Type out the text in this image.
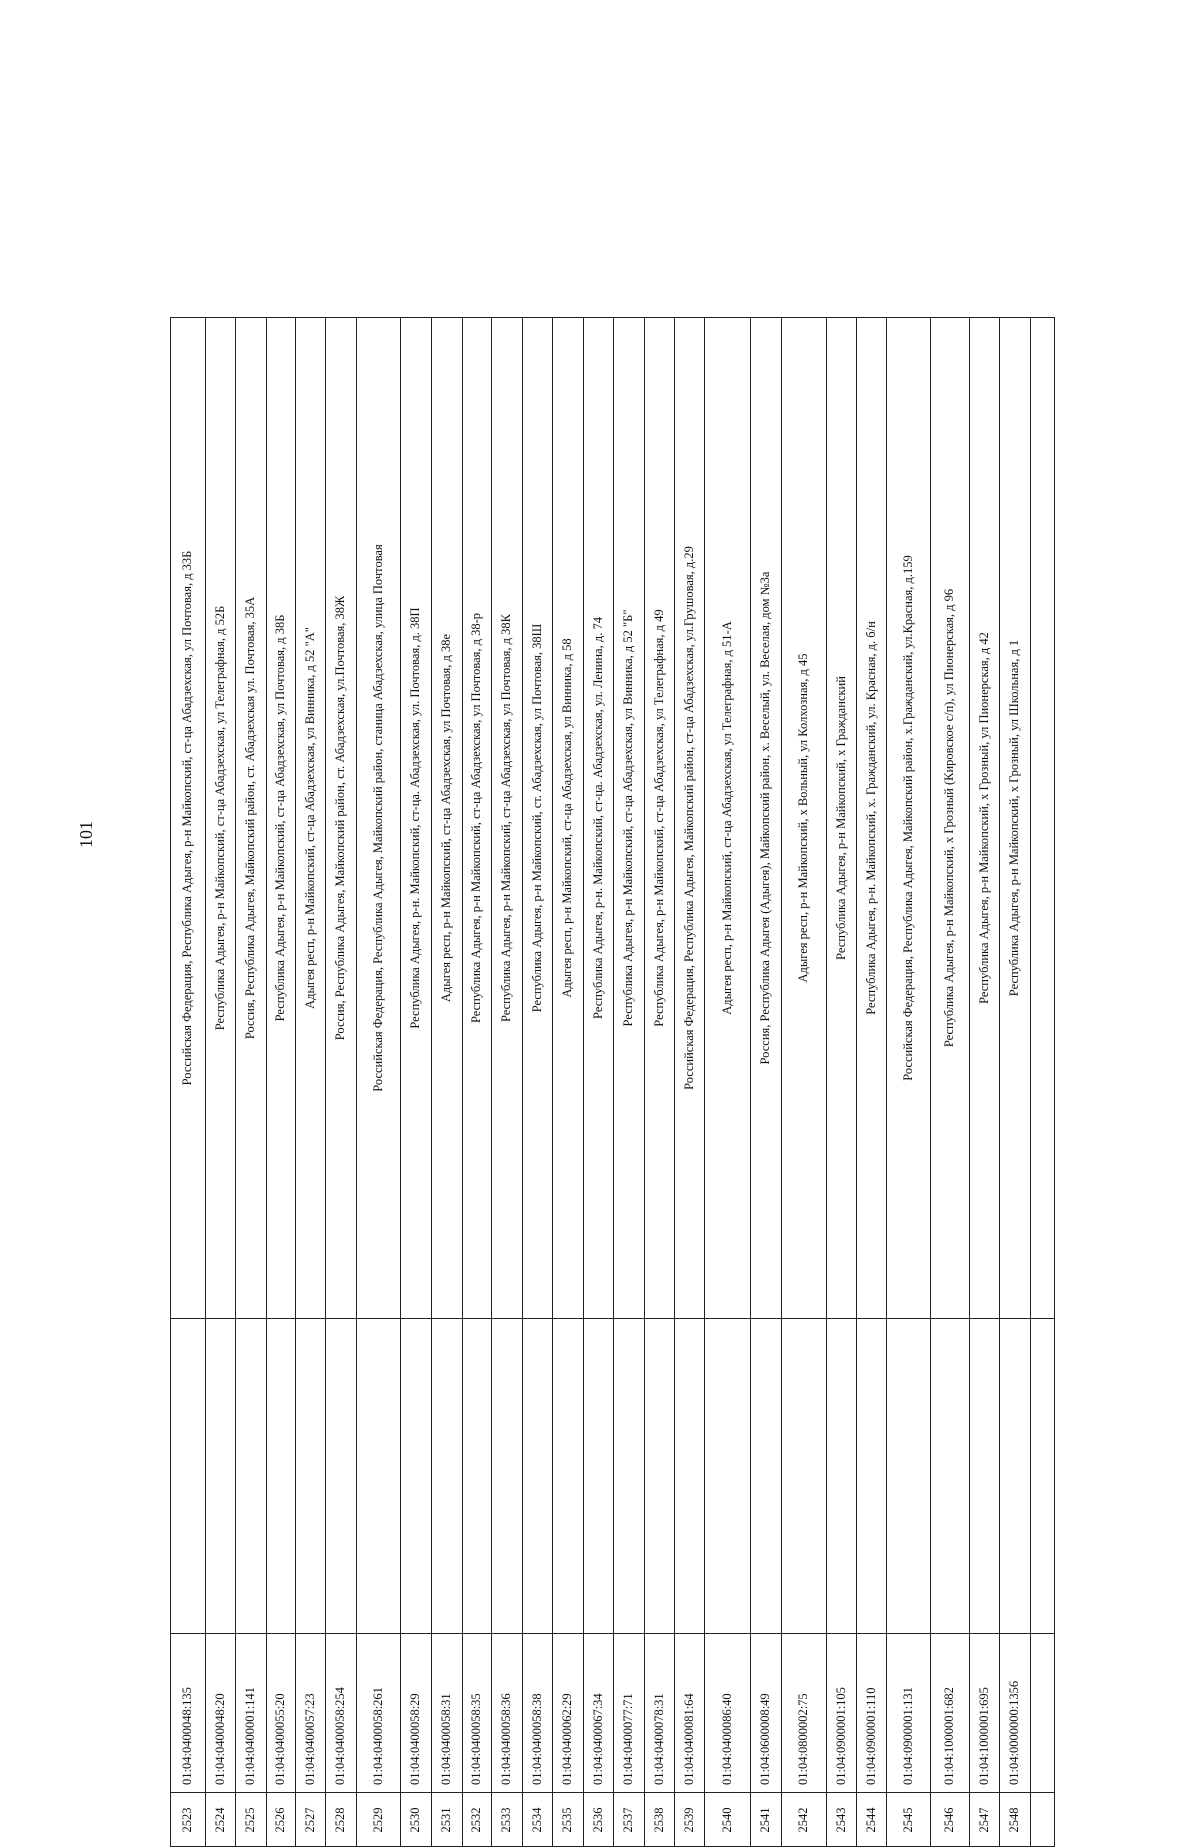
101
2523
01:04:0400048:135
Российская Федерация, Республика Адыгея, р-н Майкопский, ст-ца Абадзехская, ул Почтовая, д 33Б
2524
01:04:0400048:20
Республика Адыгея, р-н Майкопский, ст-ца Абадзехская, ул Телеграфная, д 52Б
2525
01:04:0400001:141
Россия, Республика Адыгея, Майкопский район, ст. Абадзехская ул. Почтовая, 35А
2526
01:04:0400055:20
Республика Адыгея, р-н Майкопский, ст-ца Абадзехская, ул Почтовая, д 38Б
2527
01:04:0400057:23
Адыгея респ, р-н Майкопский, ст-ца Абадзехская, ул Винника, д 52 "А"
2528
01:04:0400058:254
Россия, Республика Адыгея, Майкопский район, ст. Абадзехская, ул.Почтовая, 38Ж
2529
01:04:0400058:261
Российская Федерация, Республика Адыгея, Майкопский район, станица Абадзехская, улица Почтовая
2530
01:04:0400058:29
Республика Адыгея, р-н. Майкопский, ст-ца. Абадзехская, ул. Почтовая, д. 38П
2531
01:04:0400058:31
Адыгея респ, р-н Майкопский, ст-ца Абадзехская, ул Почтовая, д 38е
2532
01:04:0400058:35
Республика Адыгея, р-н Майкопский, ст-ца Абадзехская, ул Почтовая, д 38-р
2533
01:04:0400058:36
Республика Адыгея, р-н Майкопский, ст-ца Абадзехская, ул Почтовая, д 38К
2534
01:04:0400058:38
Республика Адыгея, р-н Майкопский, ст. Абадзехская, ул Почтовая, 38Ш
2535
01:04:0400062:29
Адыгея респ, р-н Майкопский, ст-ца Абадзехская, ул Винника, д 58
2536
01:04:0400067:34
Республика Адыгея, р-н. Майкопский, ст-ца. Абадзехская, ул. Ленина, д. 74
2537
01:04:0400077:71
Республика Адыгея, р-н Майкопский, ст-ца Абадзехская, ул Винника, д 52 "Б"
2538
01:04:0400078:31
Республика Адыгея, р-н Майкопский, ст-ца Абадзехская, ул Телеграфная, д 49
2539
01:04:0400081:64
Российская Федерация, Республика Адыгея, Майкопский район, ст-ца Абадзехская, ул.Грушовая, д.29
2540
01:04:0400086:40
Адыгея респ, р-н Майкопский, ст-ца Абадзехская, ул Телеграфная, д 51-А
2541
01:04:0600008:49
Россия, Республика Адыгея (Адыгея), Майкопский район, х. Веселый, ул. Веселая, дом №3а
2542
01:04:0800002:75
Адыгея респ, р-н Майкопский, х Вольный, ул Колхозная, д 45
2543
01:04:0900001:105
Республика Адыгея, р-н Майкопский, х Гражданский
2544
01:04:0900001:110
Республика Адыгея, р-н. Майкопский, х. Гражданский, ул. Красная, д. б/н
2545
01:04:0900001:131
Российская Федерация, Республика Адыгея, Майкопский район, х.Гражданский, ул.Красная, д.159
2546
01:04:1000001:682
Республика Адыгея, р-н Майкопский, х Грозный (Кировское с/п), ул Пионерская, д 96
2547
01:04:1000001:695
Республика Адыгея, р-н Майкопский, х Грозный, ул Пионерская, д 42
2548
01:04:0000000:1356
Республика Адыгея, р-н Майкопский, х Грозный, ул Школьная, д 1
